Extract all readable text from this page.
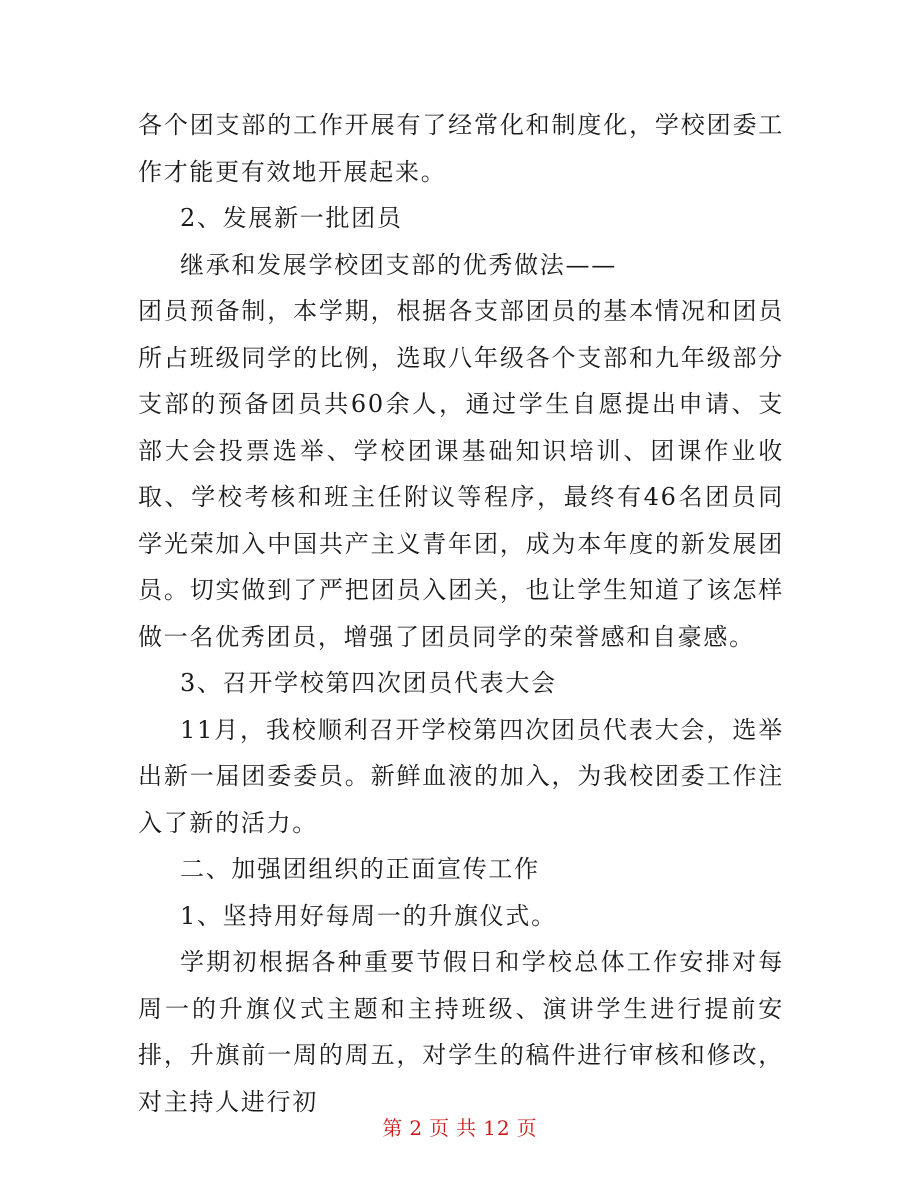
各个团支部的工作开展有了经常化和制度化，学校团委工作才能更有效地开展起来。

2、发展新一批团员

继承和发展学校团支部的优秀做法——

团员预备制，本学期，根据各支部团员的基本情况和团员所占班级同学的比例，选取八年级各个支部和九年级部分支部的预备团员共60余人，通过学生自愿提出申请、支部大会投票选举、学校团课基础知识培训、团课作业收取、学校考核和班主任附议等程序，最终有46名团员同学光荣加入中国共产主义青年团，成为本年度的新发展团员。切实做到了严把团员入团关，也让学生知道了该怎样做一名优秀团员，增强了团员同学的荣誉感和自豪感。

3、召开学校第四次团员代表大会

11月，我校顺利召开学校第四次团员代表大会，选举出新一届团委委员。新鲜血液的加入，为我校团委工作注入了新的活力。

二、加强团组织的正面宣传工作

1、坚持用好每周一的升旗仪式。

学期初根据各种重要节假日和学校总体工作安排对每周一的升旗仪式主题和主持班级、演讲学生进行提前安排，升旗前一周的周五，对学生的稿件进行审核和修改，对主持人进行初

第 2 页 共 12 页
